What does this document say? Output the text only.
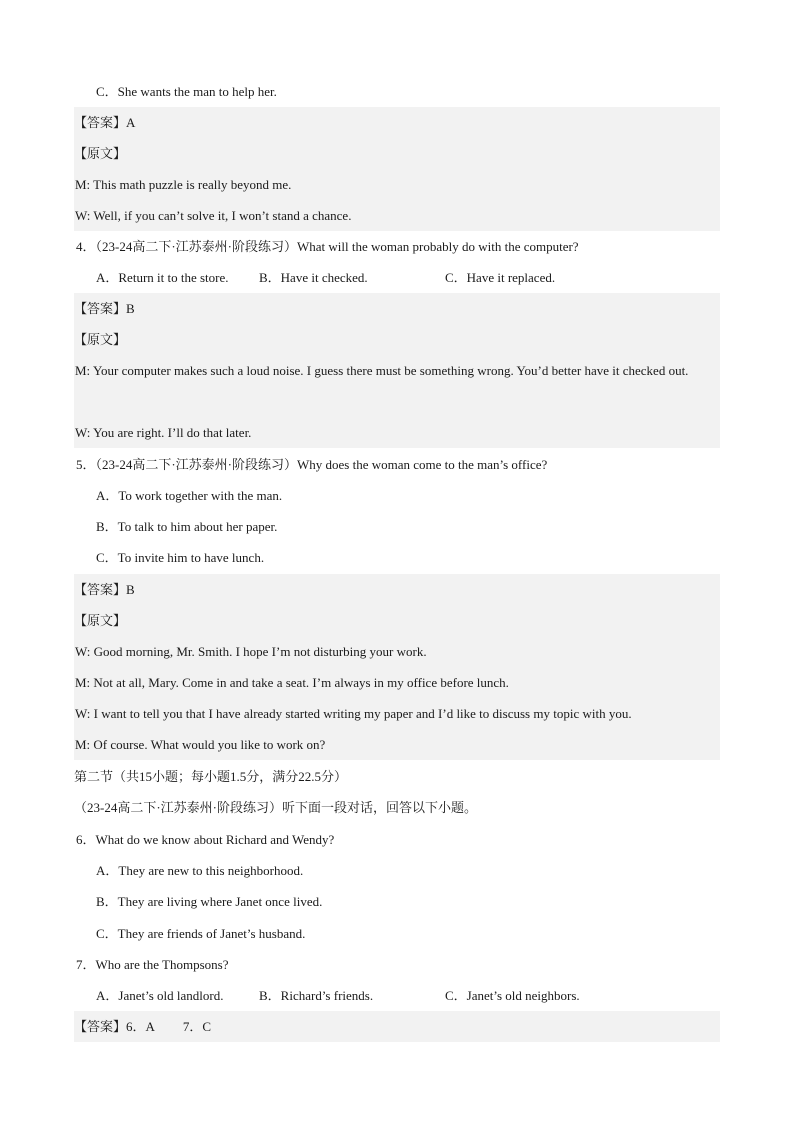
C．She wants the man to help her.
【答案】A
【原文】
M: This math puzzle is really beyond me.
W: Well, if you can’t solve it, I won’t stand a chance.
4．（23-24高二下·江苏泰州·阶段练习）What will the woman probably do with the computer?
A．Return it to the store. B．Have it checked.	C．Have it replaced.
【答案】B
【原文】
M: Your computer makes such a loud noise. I guess there must be something wrong. You’d better have it checked out.
W: You are right. I’ll do that later.
5．（23-24高二下·江苏泰州·阶段练习）Why does the woman come to the man’s office?
A．To work together with the man.
B．To talk to him about her paper.
C．To invite him to have lunch.
【答案】B
【原文】
W: Good morning, Mr. Smith. I hope I’m not disturbing your work.
M: Not at all, Mary. Come in and take a seat. I’m always in my office before lunch.
W: I want to tell you that I have already started writing my paper and I’d like to discuss my topic with you.
M: Of course. What would you like to work on?
第二节（共15小题；每小题1.5分，满分22.5分）
（23-24高二下·江苏泰州·阶段练习）听下面一段对话，回答以下小题。
6．What do we know about Richard and Wendy?
A．They are new to this neighborhood.
B．They are living where Janet once lived.
C．They are friends of Janet’s husband.
7．Who are the Thompsons?
A．Janet’s old landlord.	B．Richard’s friends.	C．Janet’s old neighbors.
【答案】6．A 7．C
